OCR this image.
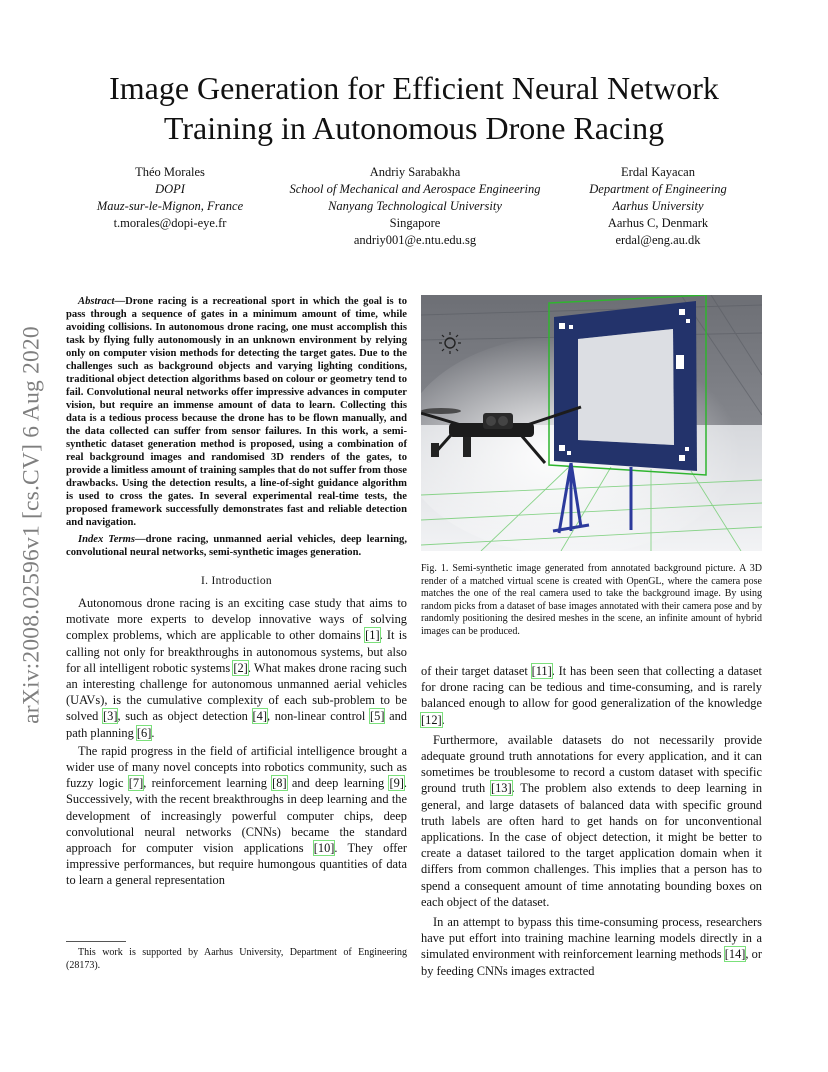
arXiv:2008.02596v1 [cs.CV] 6 Aug 2020
Image Generation for Efficient Neural Network Training in Autonomous Drone Racing
Théo Morales
DOPI
Mauz-sur-le-Mignon, France
t.morales@dopi-eye.fr
Andriy Sarabakha
School of Mechanical and Aerospace Engineering
Nanyang Technological University
Singapore
andriy001@e.ntu.edu.sg
Erdal Kayacan
Department of Engineering
Aarhus University
Aarhus C, Denmark
erdal@eng.au.dk

Abstract—Drone racing is a recreational sport in which the goal is to pass through a sequence of gates in a minimum amount of time, while avoiding collisions. In autonomous drone racing, one must accomplish this task by flying fully autonomously in an unknown environment by relying only on computer vision methods for detecting the target gates. Due to the challenges such as background objects and varying lighting conditions, traditional object detection algorithms based on colour or geometry tend to fail. Convolutional neural networks offer impressive advances in computer vision, but require an immense amount of data to learn. Collecting this data is a tedious process because the drone has to be flown manually, and the data collected can suffer from sensor failures. In this work, a semi-synthetic dataset generation method is proposed, using a combination of real background images and randomised 3D renders of the gates, to provide a limitless amount of training samples that do not suffer from those drawbacks. Using the detection results, a line-of-sight guidance algorithm is used to cross the gates. In several experimental real-time tests, the proposed framework successfully demonstrates fast and reliable detection and navigation.

Index Terms—drone racing, unmanned aerial vehicles, deep learning, convolutional neural networks, semi-synthetic images generation.

I. Introduction

Autonomous drone racing is an exciting case study that aims to motivate more experts to develop innovative ways of solving complex problems, which are applicable to other domains [1]. It is calling not only for breakthroughs in autonomous systems, but also for all intelligent robotic systems [2]. What makes drone racing such an interesting challenge for autonomous unmanned aerial vehicles (UAVs), is the cumulative complexity of each sub-problem to be solved [3], such as object detection [4], non-linear control [5] and path planning [6].

The rapid progress in the field of artificial intelligence brought a wider use of many novel concepts into robotics community, such as fuzzy logic [7], reinforcement learning [8] and deep learning [9]. Successively, with the recent breakthroughs in deep learning and the development of increasingly powerful computer chips, deep convolutional neural networks (CNNs) became the standard approach for computer vision applications [10]. They offer impressive performances, but require humongous quantities of data to learn a general representation

This work is supported by Aarhus University, Department of Engineering (28173).

Fig. 1. Semi-synthetic image generated from annotated background picture. A 3D render of a matched virtual scene is created with OpenGL, where the camera pose matches the one of the real camera used to take the background image. By using random picks from a dataset of base images annotated with their camera pose and by randomly positioning the desired meshes in the scene, an infinite amount of hybrid images can be produced.

of their target dataset [11]. It has been seen that collecting a dataset for drone racing can be tedious and time-consuming, and is rarely balanced enough to allow for good generalization of the knowledge [12].

Furthermore, available datasets do not necessarily provide adequate ground truth annotations for every application, and it can sometimes be troublesome to record a custom dataset with specific ground truth [13]. The problem also extends to deep learning in general, and large datasets of balanced data with specific ground truth labels are often hard to get hands on for unconventional applications. In the case of object detection, it might be better to create a dataset tailored to the target application domain when it differs from common challenges. This implies that a person has to spend a consequent amount of time annotating bounding boxes on each object of the dataset.

In an attempt to bypass this time-consuming process, researchers have put effort into training machine learning models directly in a simulated environment with reinforcement learning methods [14], or by feeding CNNs images extracted
